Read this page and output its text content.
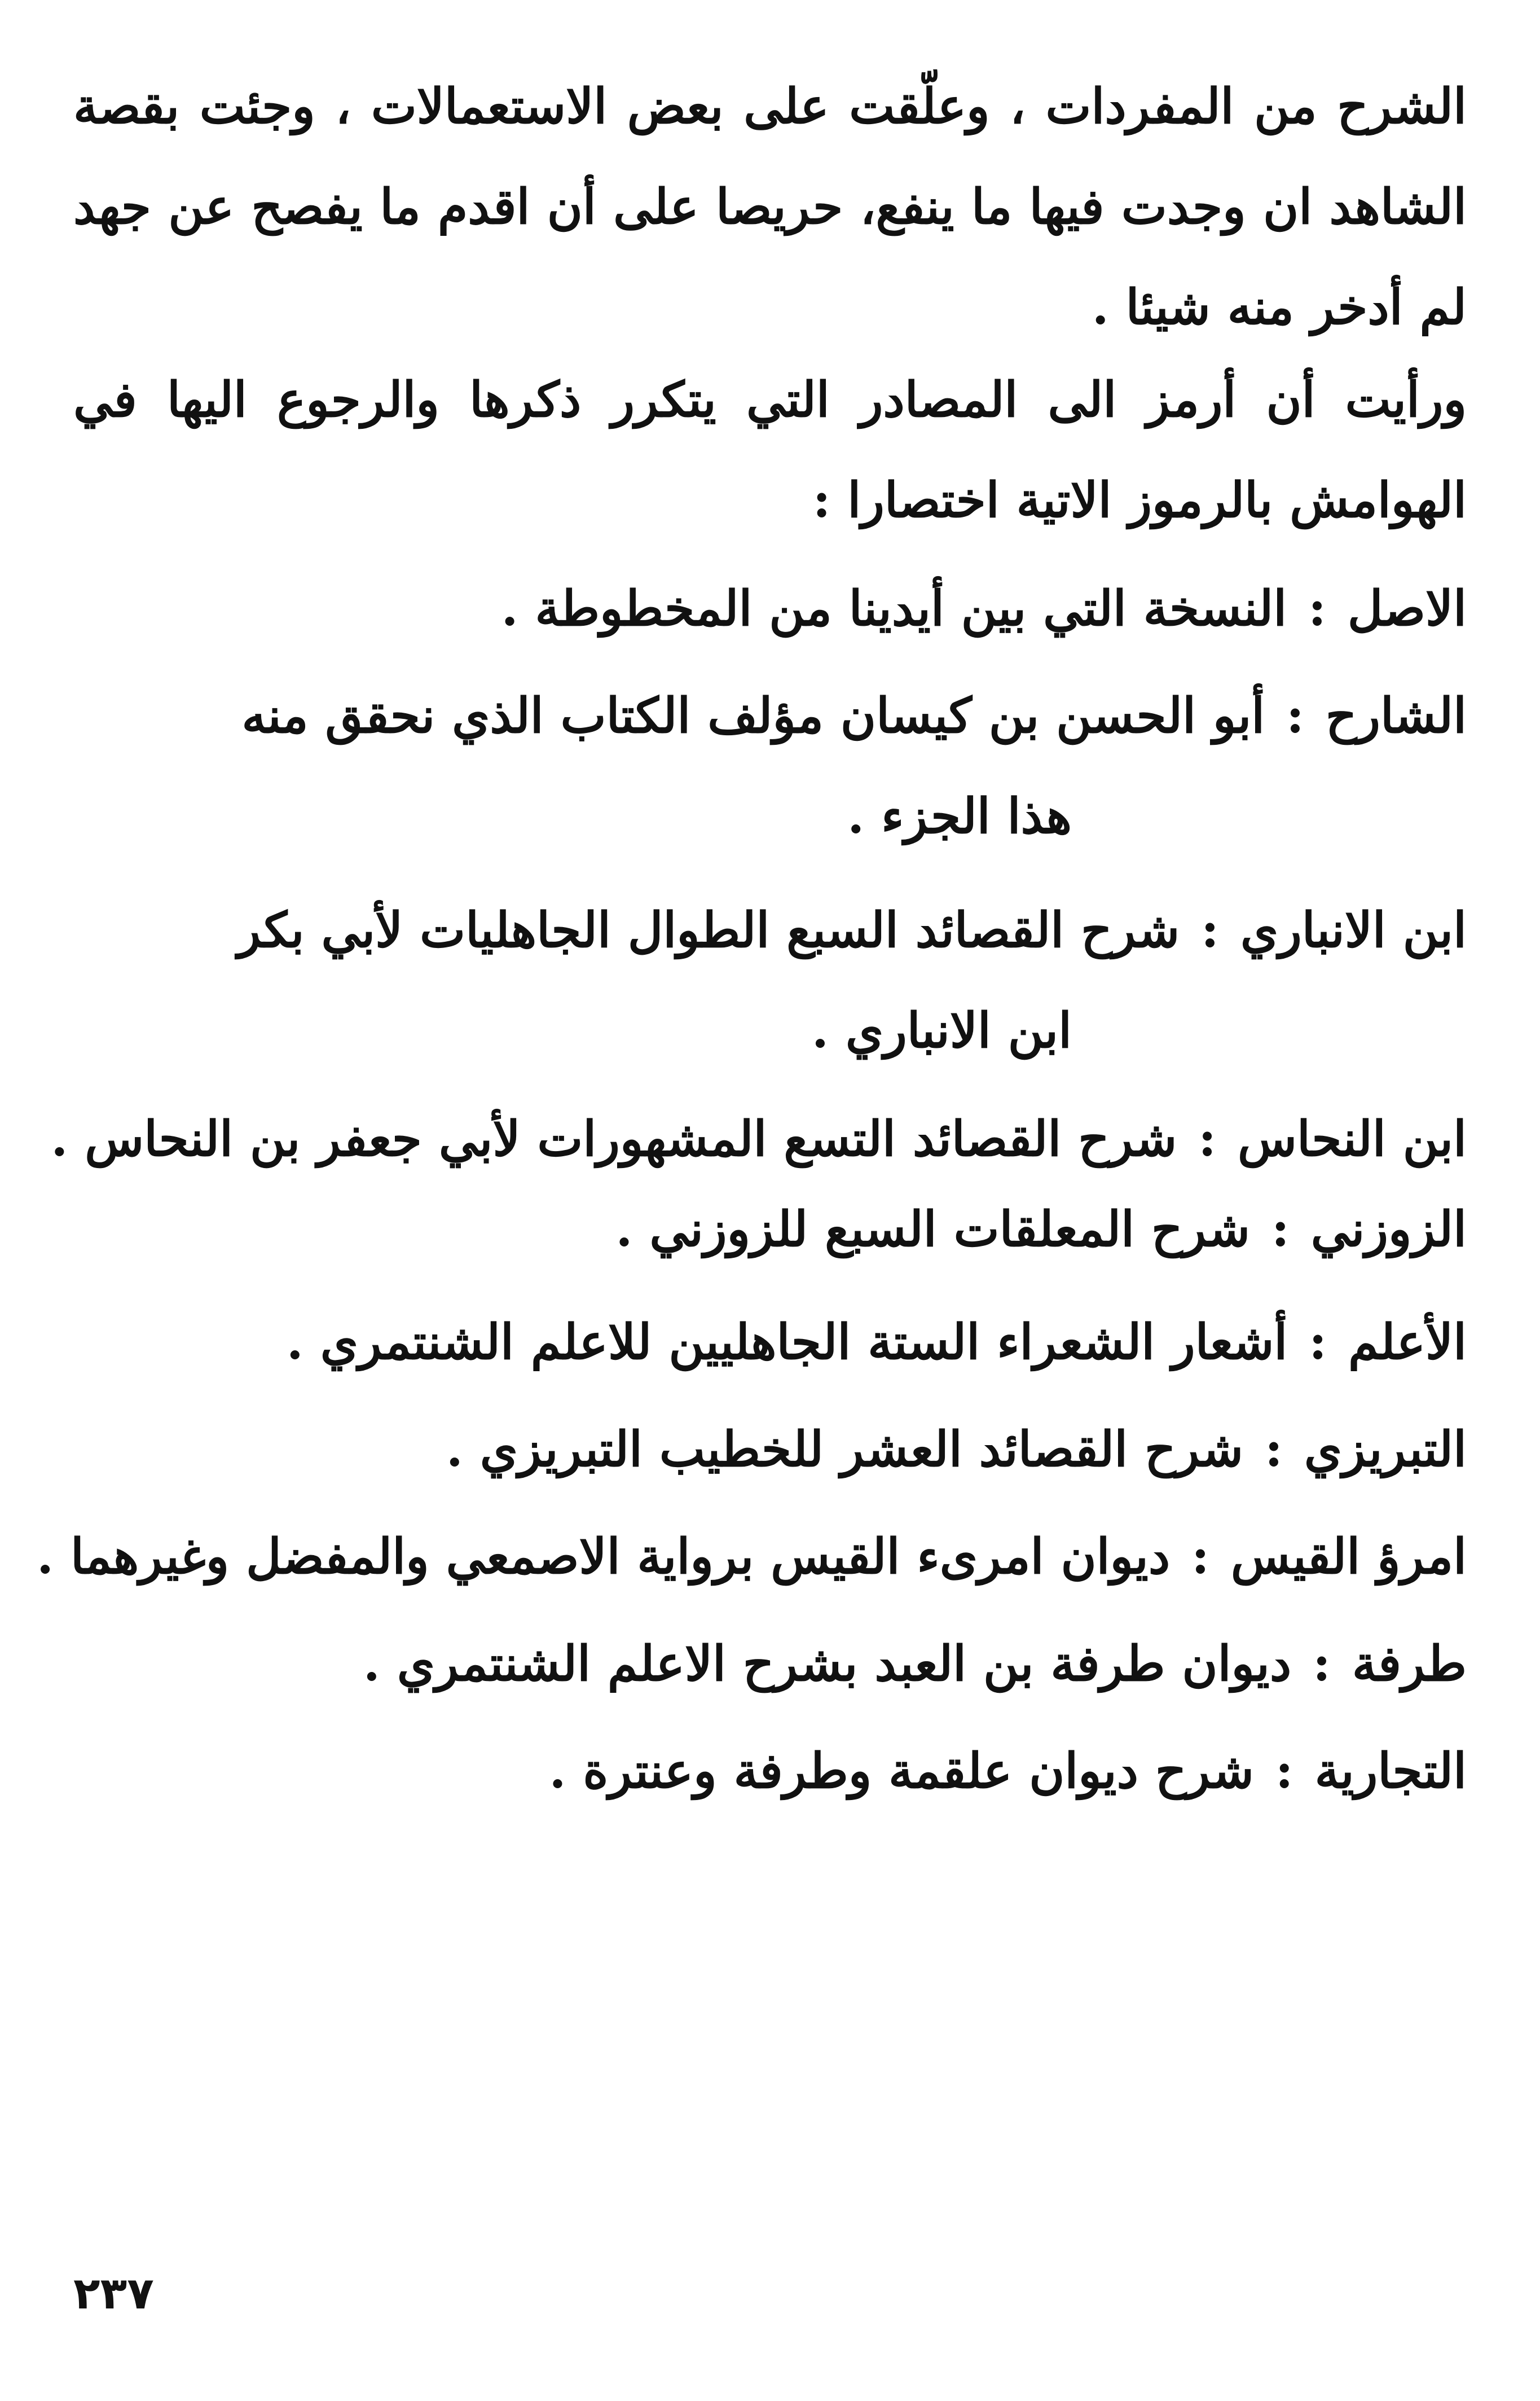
الشرح من المفردات ، وعلّقت على بعض الاستعمالات ، وجئت بقصة الشاهد ان وجدت فيها ما ينفع، حريصا على أن اقدم ما يفصح عن جهد لم أدخر منه شيئا .

ورأيت أن أرمز الى المصادر التي يتكرر ذكرها والرجوع اليها في الهوامش بالرموز الاتية اختصارا :

الاصل:النسخة التي بين أيدينا من المخطوطة .
الشارح:أبو الحسن بن كيسان مؤلف الكتاب الذي نحقق منه
هذا الجزء .
ابن الانباري:شرح القصائد السبع الطوال الجاهليات لأبي بكر
ابن الانباري .
ابن النحاس:شرح القصائد التسع المشهورات لأبي جعفر بن النحاس .
الزوزني:شرح المعلقات السبع للزوزني .
الأعلم:أشعار الشعراء الستة الجاهليين للاعلم الشنتمري .
التبريزي:شرح القصائد العشر للخطيب التبريزي .
امرؤ القيس:ديوان امرىء القيس برواية الاصمعي والمفضل وغيرهما .
طرفة:ديوان طرفة بن العبد بشرح الاعلم الشنتمري .
التجارية:شرح ديوان علقمة وطرفة وعنترة .
٢٣٧
